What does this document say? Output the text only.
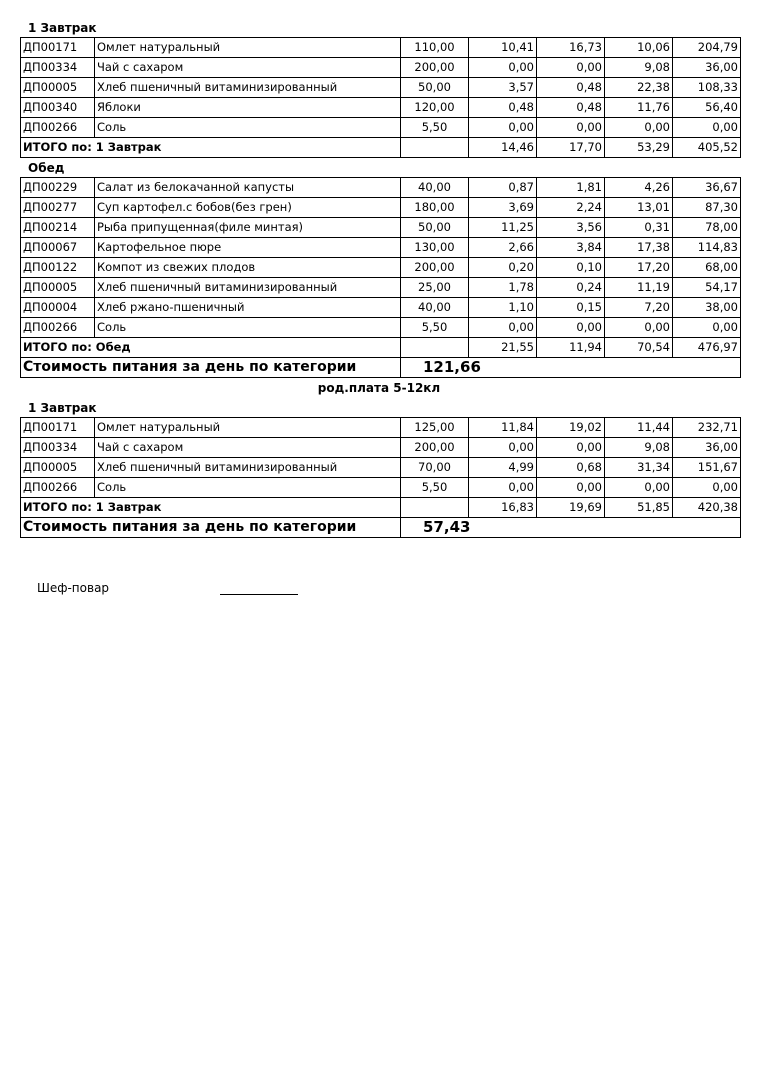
1 Завтрак
ДП00171	Омлет натуральный	110,00	10,41	16,73	10,06	204,79
ДП00334	Чай с сахаром	200,00	0,00	0,00	9,08	36,00
ДП00005	Хлеб пшеничный витаминизированный	50,00	3,57	0,48	22,38	108,33
ДП00340	Яблоки	120,00	0,48	0,48	11,76	56,40
ДП00266	Соль	5,50	0,00	0,00	0,00	0,00
ИТОГО по: 1 Завтрак			14,46	17,70	53,29	405,52
Обед
ДП00229	Салат из белокачанной капусты	40,00	0,87	1,81	4,26	36,67
ДП00277	Суп картофел.с бобов(без грен)	180,00	3,69	2,24	13,01	87,30
ДП00214	Рыба припущенная(филе минтая)	50,00	11,25	3,56	0,31	78,00
ДП00067	Картофельное пюре	130,00	2,66	3,84	17,38	114,83
ДП00122	Компот из свежих плодов	200,00	0,20	0,10	17,20	68,00
ДП00005	Хлеб пшеничный витаминизированный	25,00	1,78	0,24	11,19	54,17
ДП00004	Хлеб ржано-пшеничный	40,00	1,10	0,15	7,20	38,00
ДП00266	Соль	5,50	0,00	0,00	0,00	0,00
ИТОГО по: Обед			21,55	11,94	70,54	476,97
Стоимость питания за день по категории		121,66				
род.плата 5-12кл
1 Завтрак
ДП00171	Омлет натуральный	125,00	11,84	19,02	11,44	232,71
ДП00334	Чай с сахаром	200,00	0,00	0,00	9,08	36,00
ДП00005	Хлеб пшеничный витаминизированный	70,00	4,99	0,68	31,34	151,67
ДП00266	Соль	5,50	0,00	0,00	0,00	0,00
ИТОГО по: 1 Завтрак			16,83	19,69	51,85	420,38
Стоимость питания за день по категории		57,43				
Шеф-повар
